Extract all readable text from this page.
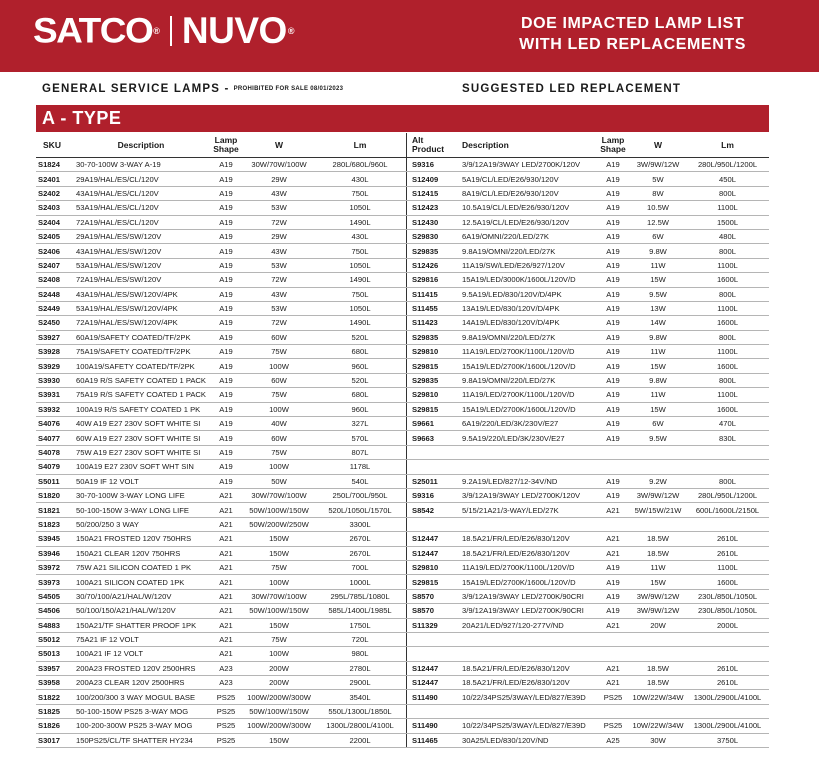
SATCO ® NUVO ®	DOE IMPACTED LAMP LIST
WITH LED REPLACEMENTS
GENERAL SERVICE LAMPS - PROHIBITED FOR SALE 08/01/2023	SUGGESTED LED REPLACEMENT
A - TYPE
SKU	Description	Lamp Shape	W	Lm	Alt Product	Description	Lamp Shape	W	Lm
S1824	30-70-100W 3-WAY A-19	A19	30W/70W/100W	280L/680L/960L	S9316	3/9/12A19/3WAY LED/2700K/120V	A19	3W/9W/12W	280L/950L/1200L
S2401	29A19/HAL/ES/CL/120V	A19	29W	430L	S12409	5A19/CL/LED/E26/930/120V	A19	5W	450L
S2402	43A19/HAL/ES/CL/120V	A19	43W	750L	S12415	8A19/CL/LED/E26/930/120V	A19	8W	800L
S2403	53A19/HAL/ES/CL/120V	A19	53W	1050L	S12423	10.5A19/CL/LED/E26/930/120V	A19	10.5W	1100L
S2404	72A19/HAL/ES/CL/120V	A19	72W	1490L	S12430	12.5A19/CL/LED/E26/930/120V	A19	12.5W	1500L
S2405	29A19/HAL/ES/SW/120V	A19	29W	430L	S29830	6A19/OMNI/220/LED/27K	A19	6W	480L
S2406	43A19/HAL/ES/SW/120V	A19	43W	750L	S29835	9.8A19/OMNI/220/LED/27K	A19	9.8W	800L
S2407	53A19/HAL/ES/SW/120V	A19	53W	1050L	S12426	11A19/SW/LED/E26/927/120V	A19	11W	1100L
S2408	72A19/HAL/ES/SW/120V	A19	72W	1490L	S29816	15A19/LED/3000K/1600L/120V/D	A19	15W	1600L
S2448	43A19/HAL/ES/SW/120V/4PK	A19	43W	750L	S11415	9.5A19/LED/830/120V/D/4PK	A19	9.5W	800L
S2449	53A19/HAL/ES/SW/120V/4PK	A19	53W	1050L	S11455	13A19/LED/830/120V/D/4PK	A19	13W	1100L
S2450	72A19/HAL/ES/SW/120V/4PK	A19	72W	1490L	S11423	14A19/LED/830/120V/D/4PK	A19	14W	1600L
S3927	60A19/SAFETY COATED/TF/2PK	A19	60W	520L	S29835	9.8A19/OMNI/220/LED/27K	A19	9.8W	800L
S3928	75A19/SAFETY COATED/TF/2PK	A19	75W	680L	S29810	11A19/LED/2700K/1100L/120V/D	A19	11W	1100L
S3929	100A19/SAFETY COATED/TF/2PK	A19	100W	960L	S29815	15A19/LED/2700K/1600L/120V/D	A19	15W	1600L
S3930	60A19 R/S SAFETY COATED 1 PACK	A19	60W	520L	S29835	9.8A19/OMNI/220/LED/27K	A19	9.8W	800L
S3931	75A19 R/S SAFETY COATED 1 PACK	A19	75W	680L	S29810	11A19/LED/2700K/1100L/120V/D	A19	11W	1100L
S3932	100A19 R/S SAFETY COATED 1 PK	A19	100W	960L	S29815	15A19/LED/2700K/1600L/120V/D	A19	15W	1600L
S4076	40W A19 E27 230V SOFT WHITE SI	A19	40W	327L	S9661	6A19/220/LED/3K/230V/E27	A19	6W	470L
S4077	60W A19 E27 230V SOFT WHITE SI	A19	60W	570L	S9663	9.5A19/220/LED/3K/230V/E27	A19	9.5W	830L
S4078	75W A19 E27 230V SOFT WHITE SI	A19	75W	807L
S4079	100A19 E27 230V SOFT WHT SIN	A19	100W	1178L
S5011	50A19 IF 12 VOLT	A19	50W	540L	S25011	9.2A19/LED/827/12-34V/ND	A19	9.2W	800L
S1820	30-70-100W 3-WAY LONG LIFE	A21	30W/70W/100W	250L/700L/950L	S9316	3/9/12A19/3WAY LED/2700K/120V	A19	3W/9W/12W	280L/950L/1200L
S1821	50-100-150W 3-WAY LONG LIFE	A21	50W/100W/150W	520L/1050L/1570L	S8542	5/15/21A21/3-WAY/LED/27K	A21	5W/15W/21W	600L/1600L/2150L
S1823	50/200/250 3 WAY	A21	50W/200W/250W	3300L
S3945	150A21 FROSTED 120V 750HRS	A21	150W	2670L	S12447	18.5A21/FR/LED/E26/830/120V	A21	18.5W	2610L
S3946	150A21 CLEAR 120V 750HRS	A21	150W	2670L	S12447	18.5A21/FR/LED/E26/830/120V	A21	18.5W	2610L
S3972	75W A21 SILICON COATED 1 PK	A21	75W	700L	S29810	11A19/LED/2700K/1100L/120V/D	A19	11W	1100L
S3973	100A21 SILICON COATED 1PK	A21	100W	1000L	S29815	15A19/LED/2700K/1600L/120V/D	A19	15W	1600L
S4505	30/70/100/A21/HAL/W/120V	A21	30W/70W/100W	295L/785L/1080L	S8570	3/9/12A19/3WAY LED/2700K/90CRI	A19	3W/9W/12W	230L/850L/1050L
S4506	50/100/150/A21/HAL/W/120V	A21	50W/100W/150W	585L/1400L/1985L	S8570	3/9/12A19/3WAY LED/2700K/90CRI	A19	3W/9W/12W	230L/850L/1050L
S4883	150A21/TF SHATTER PROOF 1PK	A21	150W	1750L	S11329	20A21/LED/927/120-277V/ND	A21	20W	2000L
S5012	75A21 IF 12 VOLT	A21	75W	720L
S5013	100A21 IF 12 VOLT	A21	100W	980L
S3957	200A23 FROSTED 120V 2500HRS	A23	200W	2780L	S12447	18.5A21/FR/LED/E26/830/120V	A21	18.5W	2610L
S3958	200A23 CLEAR 120V 2500HRS	A23	200W	2900L	S12447	18.5A21/FR/LED/E26/830/120V	A21	18.5W	2610L
S1822	100/200/300 3 WAY MOGUL BASE	PS25	100W/200W/300W	3540L	S11490	10/22/34PS25/3WAY/LED/827/E39D	PS25	10W/22W/34W	1300L/2900L/4100L
S1825	50-100-150W PS25 3-WAY MOG	PS25	50W/100W/150W	550L/1300L/1850L
S1826	100-200-300W PS25 3-WAY MOG	PS25	100W/200W/300W	1300L/2800L/4100L	S11490	10/22/34PS25/3WAY/LED/827/E39D	PS25	10W/22W/34W	1300L/2900L/4100L
S3017	150PS25/CL/TF SHATTER HY234	PS25	150W	2200L	S11465	30A25/LED/830/120V/ND	A25	30W	3750L
